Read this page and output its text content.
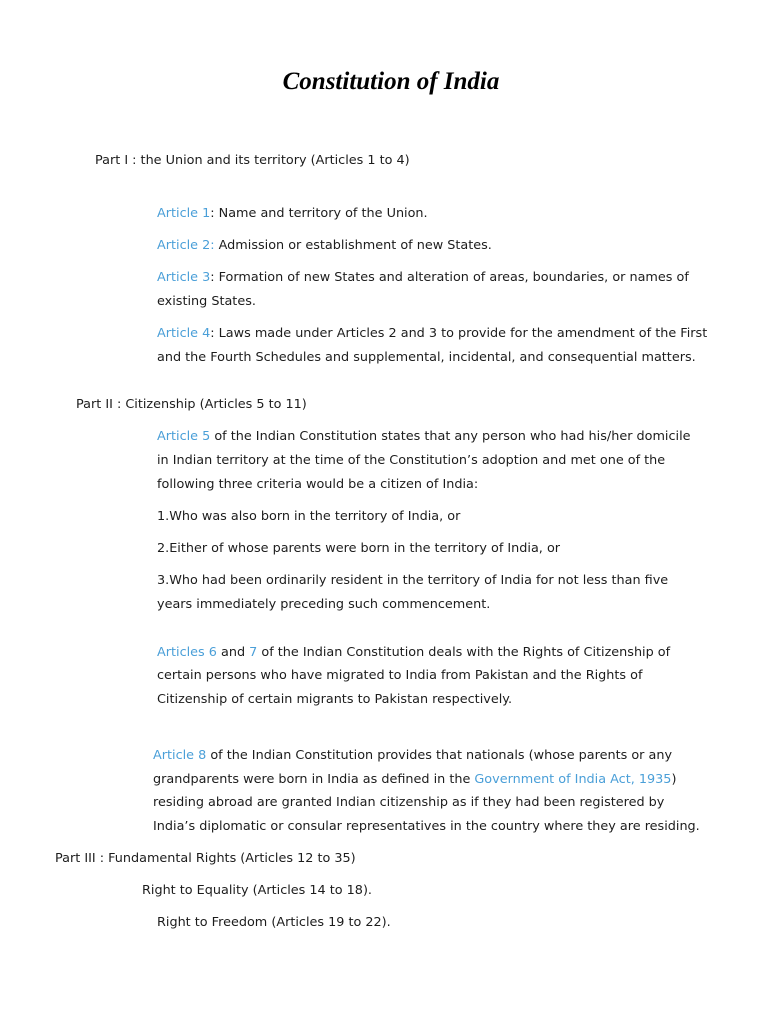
Constitution of India

Part I : the Union and its territory (Articles 1 to 4)

Article 1: Name and territory of the Union.

Article 2: Admission or establishment of new States.

Article 3: Formation of new States and alteration of areas, boundaries, or names of

existing States.

Article 4: Laws made under Articles 2 and 3 to provide for the amendment of the First

and the Fourth Schedules and supplemental, incidental, and consequential matters.

Part II : Citizenship (Articles 5 to 11)

Article 5 of the Indian Constitution states that any person who had his/her domicile

in Indian territory at the time of the Constitution’s adoption and met one of the

following three criteria would be a citizen of India:

1.Who was also born in the territory of India, or

2.Either of whose parents were born in the territory of India, or

3.Who had been ordinarily resident in the territory of India for not less than five

years immediately preceding such commencement.

Articles 6 and 7 of the Indian Constitution deals with the Rights of Citizenship of

certain persons who have migrated to India from Pakistan and the Rights of

Citizenship of certain migrants to Pakistan respectively.

Article 8 of the Indian Constitution provides that nationals (whose parents or any

grandparents were born in India as defined in the Government of India Act, 1935)

residing abroad are granted Indian citizenship as if they had been registered by

India’s diplomatic or consular representatives in the country where they are residing.

Part III : Fundamental Rights (Articles 12 to 35)

Right to Equality (Articles 14 to 18).

Right to Freedom (Articles 19 to 22).
